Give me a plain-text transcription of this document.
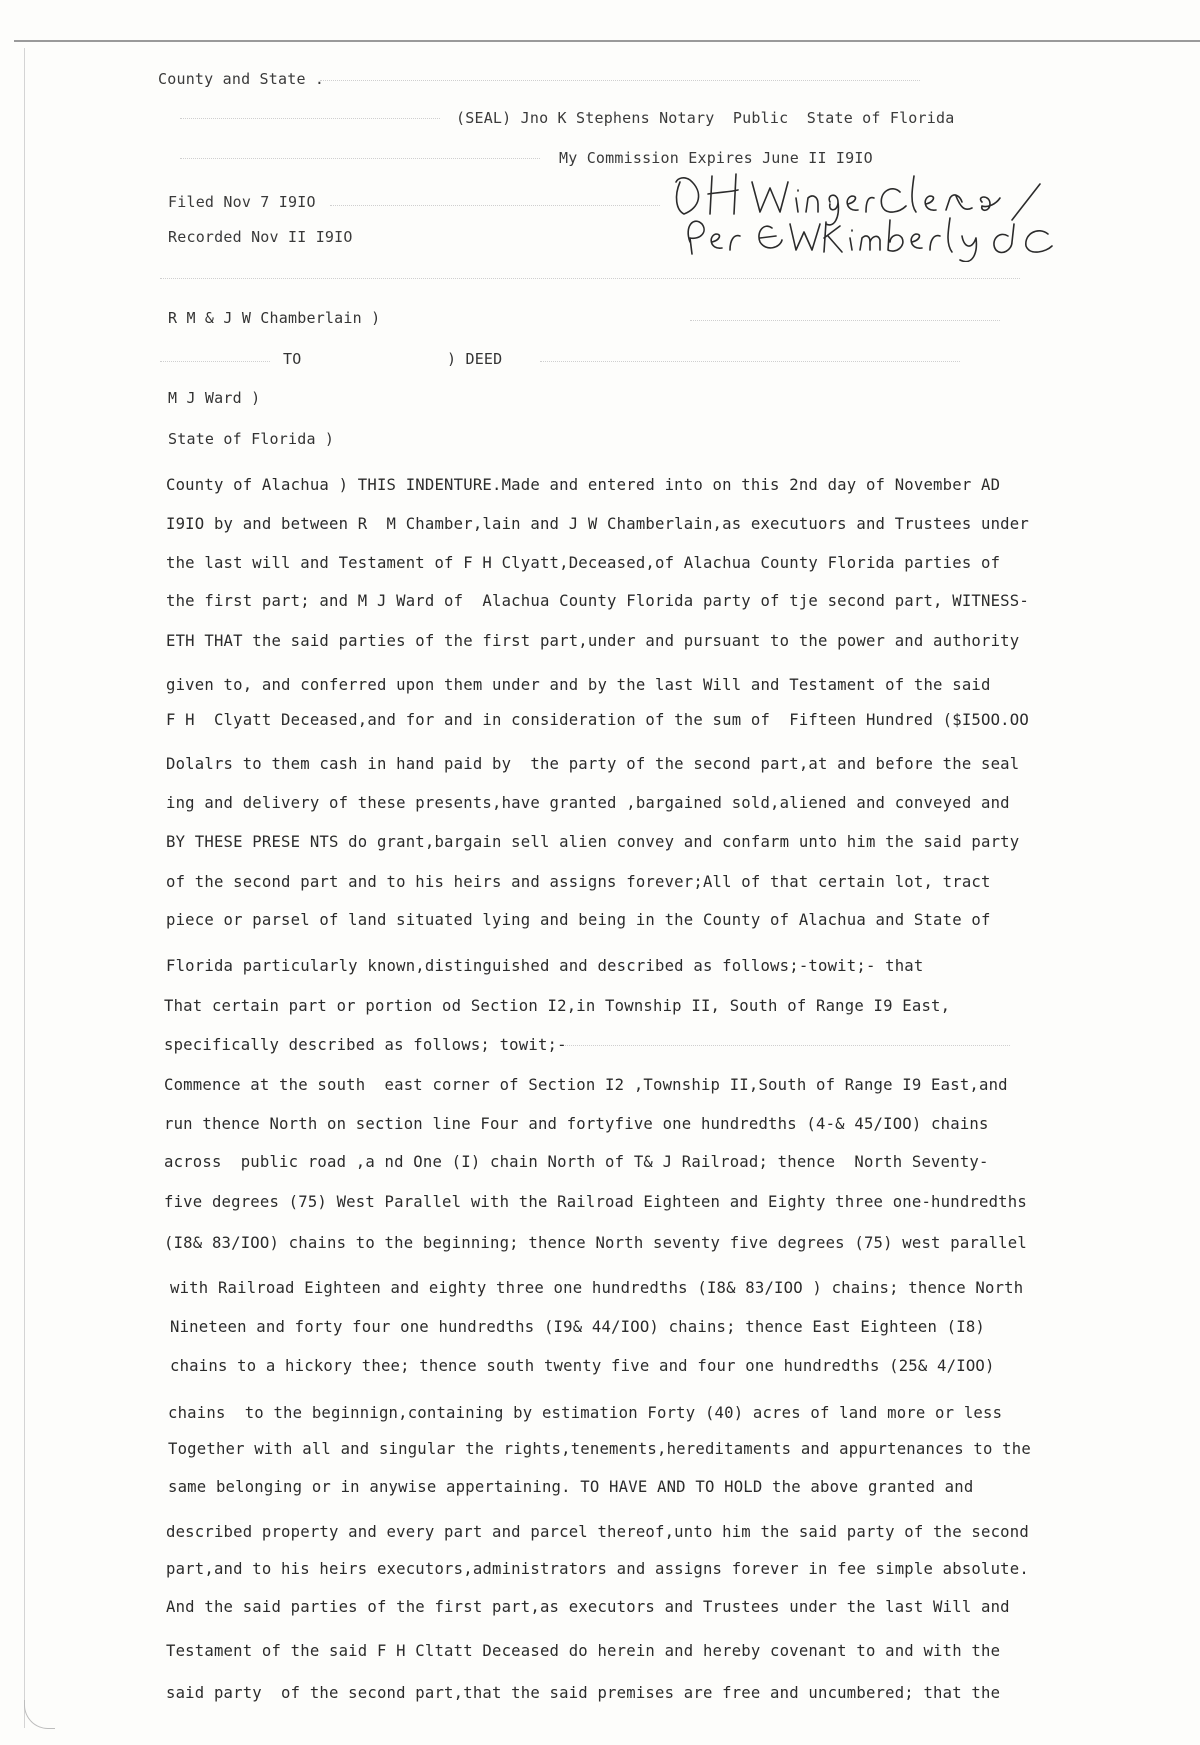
County and State .
(SEAL) Jno K Stephens Notary  Public  State of Florida
My Commission Expires June II I9IO
Filed Nov 7 I9IO
Recorded Nov II I9IO
R M & J W Chamberlain )
TO	) DEED
M J Ward )
State of Florida )
County of Alachua ) THIS INDENTURE.Made and entered into on this 2nd day of November AD
I9IO by and between R  M Chamber,lain and J W Chamberlain,as executuors and Trustees under
the last will and Testament of F H Clyatt,Deceased,of Alachua County Florida parties of
the first part; and M J Ward of  Alachua County Florida party of tje second part, WITNESS-
ETH THAT the said parties of the first part,under and pursuant to the power and authority
given to, and conferred upon them under and by the last Will and Testament of the said
F H  Clyatt Deceased,and for and in consideration of the sum of  Fifteen Hundred ($I5OO.OO
Dolalrs to them cash in hand paid by  the party of the second part,at and before the seal
ing and delivery of these presents,have granted ,bargained sold,aliened and conveyed and
BY THESE PRESE NTS do grant,bargain sell alien convey and confarm unto him the said party
of the second part and to his heirs and assigns forever;All of that certain lot, tract
piece or parsel of land situated lying and being in the County of Alachua and State of
Florida particularly known,distinguished and described as follows;-towit;- that
That certain part or portion od Section I2,in Township II, South of Range I9 East,
specifically described as follows; towit;-
Commence at the south  east corner of Section I2 ,Township II,South of Range I9 East,and
run thence North on section line Four and fortyfive one hundredths (4-& 45/IOO) chains
across  public road ,a nd One (I) chain North of T& J Railroad; thence  North Seventy-
five degrees (75) West Parallel with the Railroad Eighteen and Eighty three one-hundredths
(I8& 83/IOO) chains to the beginning; thence North seventy five degrees (75) west parallel
with Railroad Eighteen and eighty three one hundredths (I8& 83/IOO ) chains; thence North
Nineteen and forty four one hundredths (I9& 44/IOO) chains; thence East Eighteen (I8)
chains to a hickory thee; thence south twenty five and four one hundredths (25& 4/IOO)
chains  to the beginnign,containing by estimation Forty (40) acres of land more or less
Together with all and singular the rights,tenements,hereditaments and appurtenances to the
same belonging or in anywise appertaining. TO HAVE AND TO HOLD the above granted and
described property and every part and parcel thereof,unto him the said party of the second
part,and to his heirs executors,administrators and assigns forever in fee simple absolute.
And the said parties of the first part,as executors and Trustees under the last Will and
Testament of the said F H Cltatt Deceased do herein and hereby covenant to and with the
said party  of the second part,that the said premises are free and uncumbered; that the
